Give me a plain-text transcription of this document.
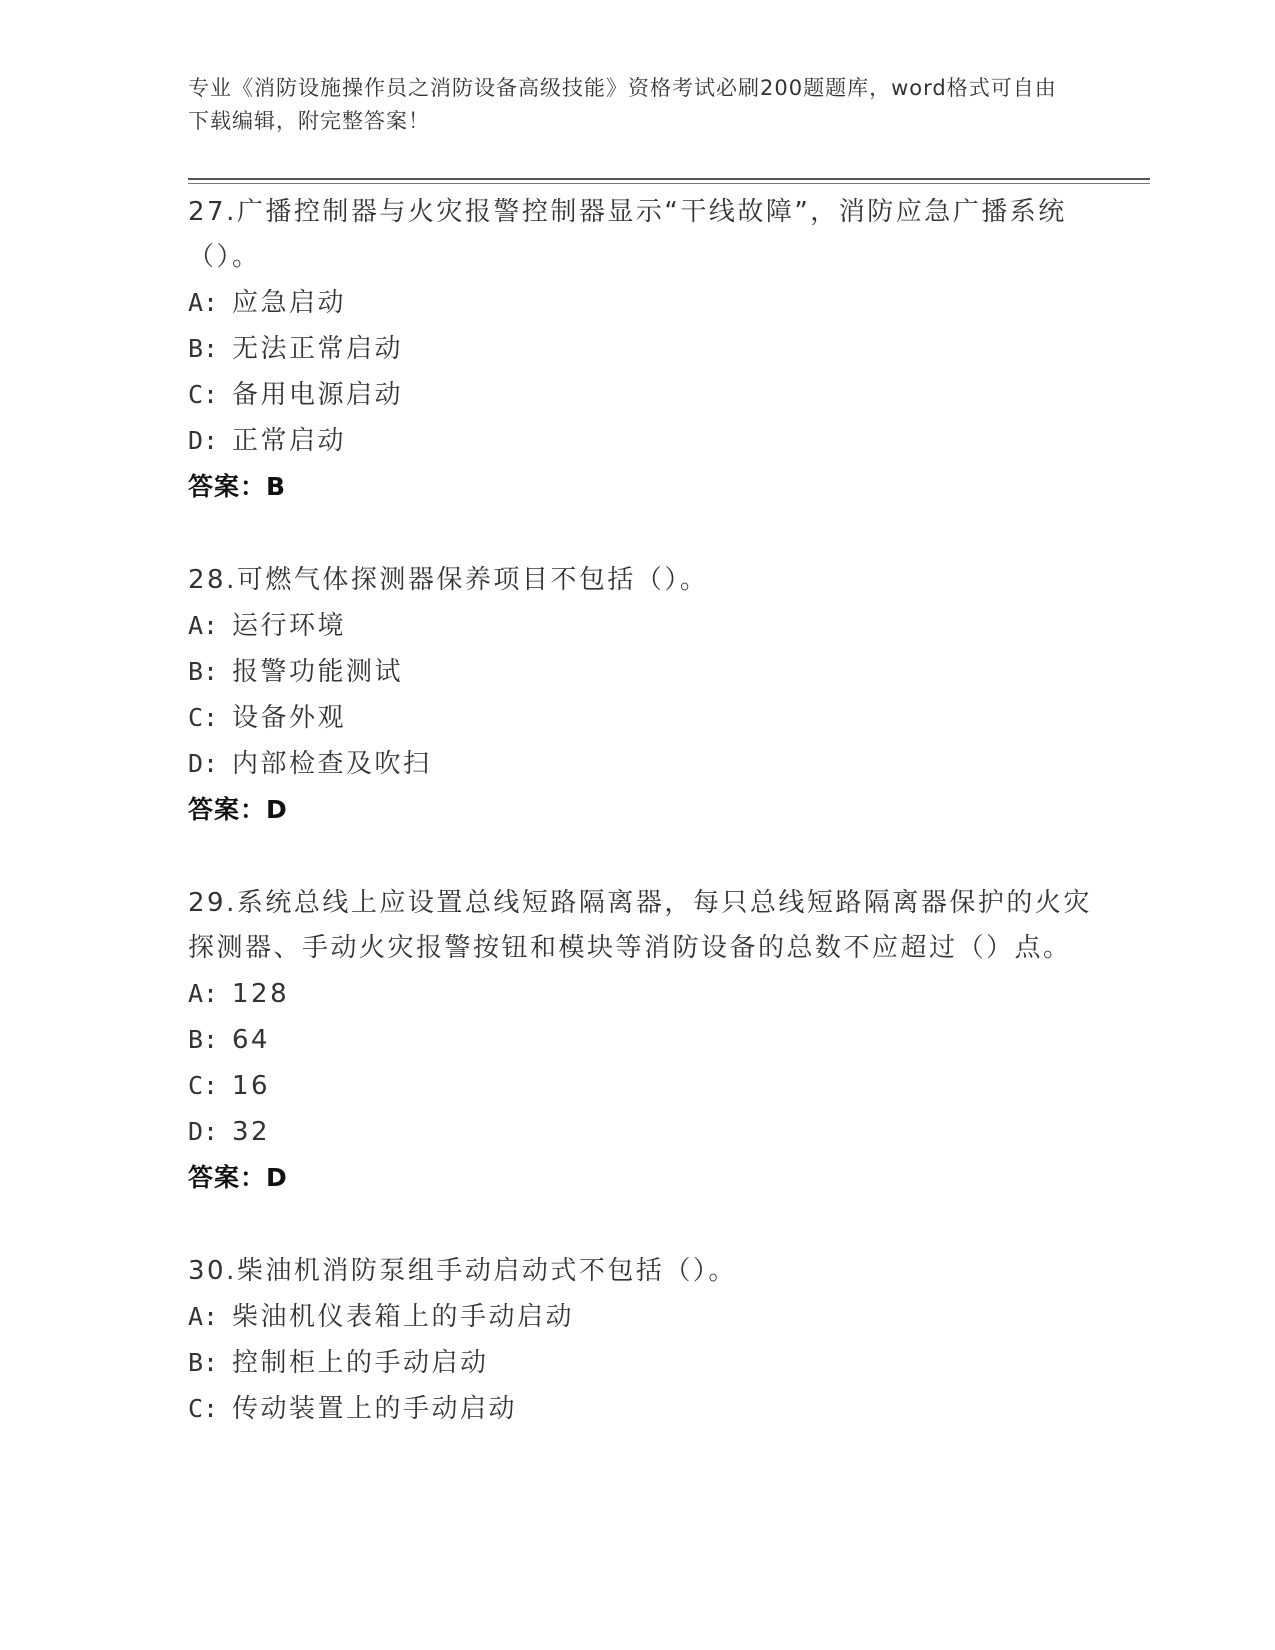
专业《消防设施操作员之消防设备高级技能》资格考试必刷200题题库，word格式可自由下载编辑，附完整答案！
27.广播控制器与火灾报警控制器显示“干线故障”，消防应急广播系统（）。
A: 应急启动
B: 无法正常启动
C: 备用电源启动
D: 正常启动
答案：B
28.可燃气体探测器保养项目不包括（）。
A: 运行环境
B: 报警功能测试
C: 设备外观
D: 内部检查及吹扫
答案：D
29.系统总线上应设置总线短路隔离器，每只总线短路隔离器保护的火灾探测器、手动火灾报警按钮和模块等消防设备的总数不应超过（）点。
A: 128
B: 64
C: 16
D: 32
答案：D
30.柴油机消防泵组手动启动式不包括（）。
A: 柴油机仪表箱上的手动启动
B: 控制柜上的手动启动
C: 传动装置上的手动启动
